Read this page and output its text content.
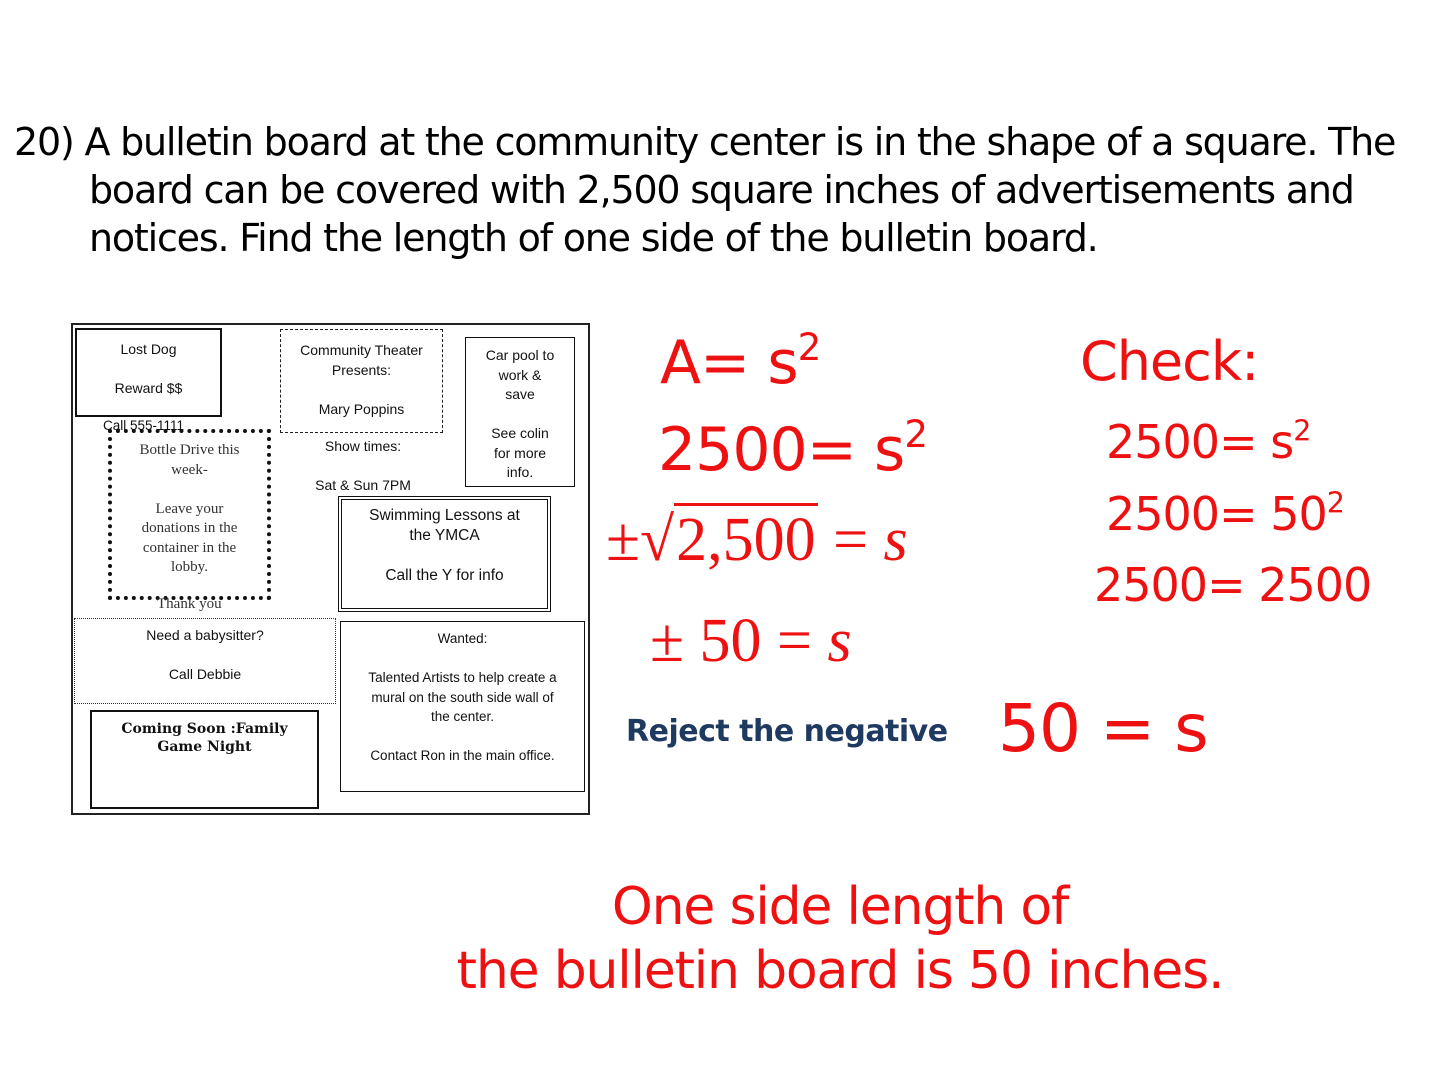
20) A bulletin board at the community center is in the shape of a square. The
board can be covered with 2,500 square inches of advertisements and
notices. Find the length of one side of the bulletin board.
Lost Dog
Reward $$
Bottle Drive this
week-
Leave your
donations in the
container in the
lobby.
Call 555-1111
Thank you
Community Theater
Presents:
Mary Poppins
Show times:
Sat & Sun 7PM
Car pool to
work &
save
See colin
for more
info.
Swimming Lessons at
the YMCA
Call the Y for info
Need a babysitter?
Call Debbie
Wanted:
Talented Artists to help create a
mural on the south side wall of
the center.
Contact Ron in the main office.
Coming Soon :Family
Game Night
$A= s^2$
$2500= s^2$
±√2,500 = s
± 50 = s
Reject the negative 50 = s
Check:
$2500= s^2$
$2500= 50^2$
2500= 2500
One side length of
the bulletin board is 50 inches.
